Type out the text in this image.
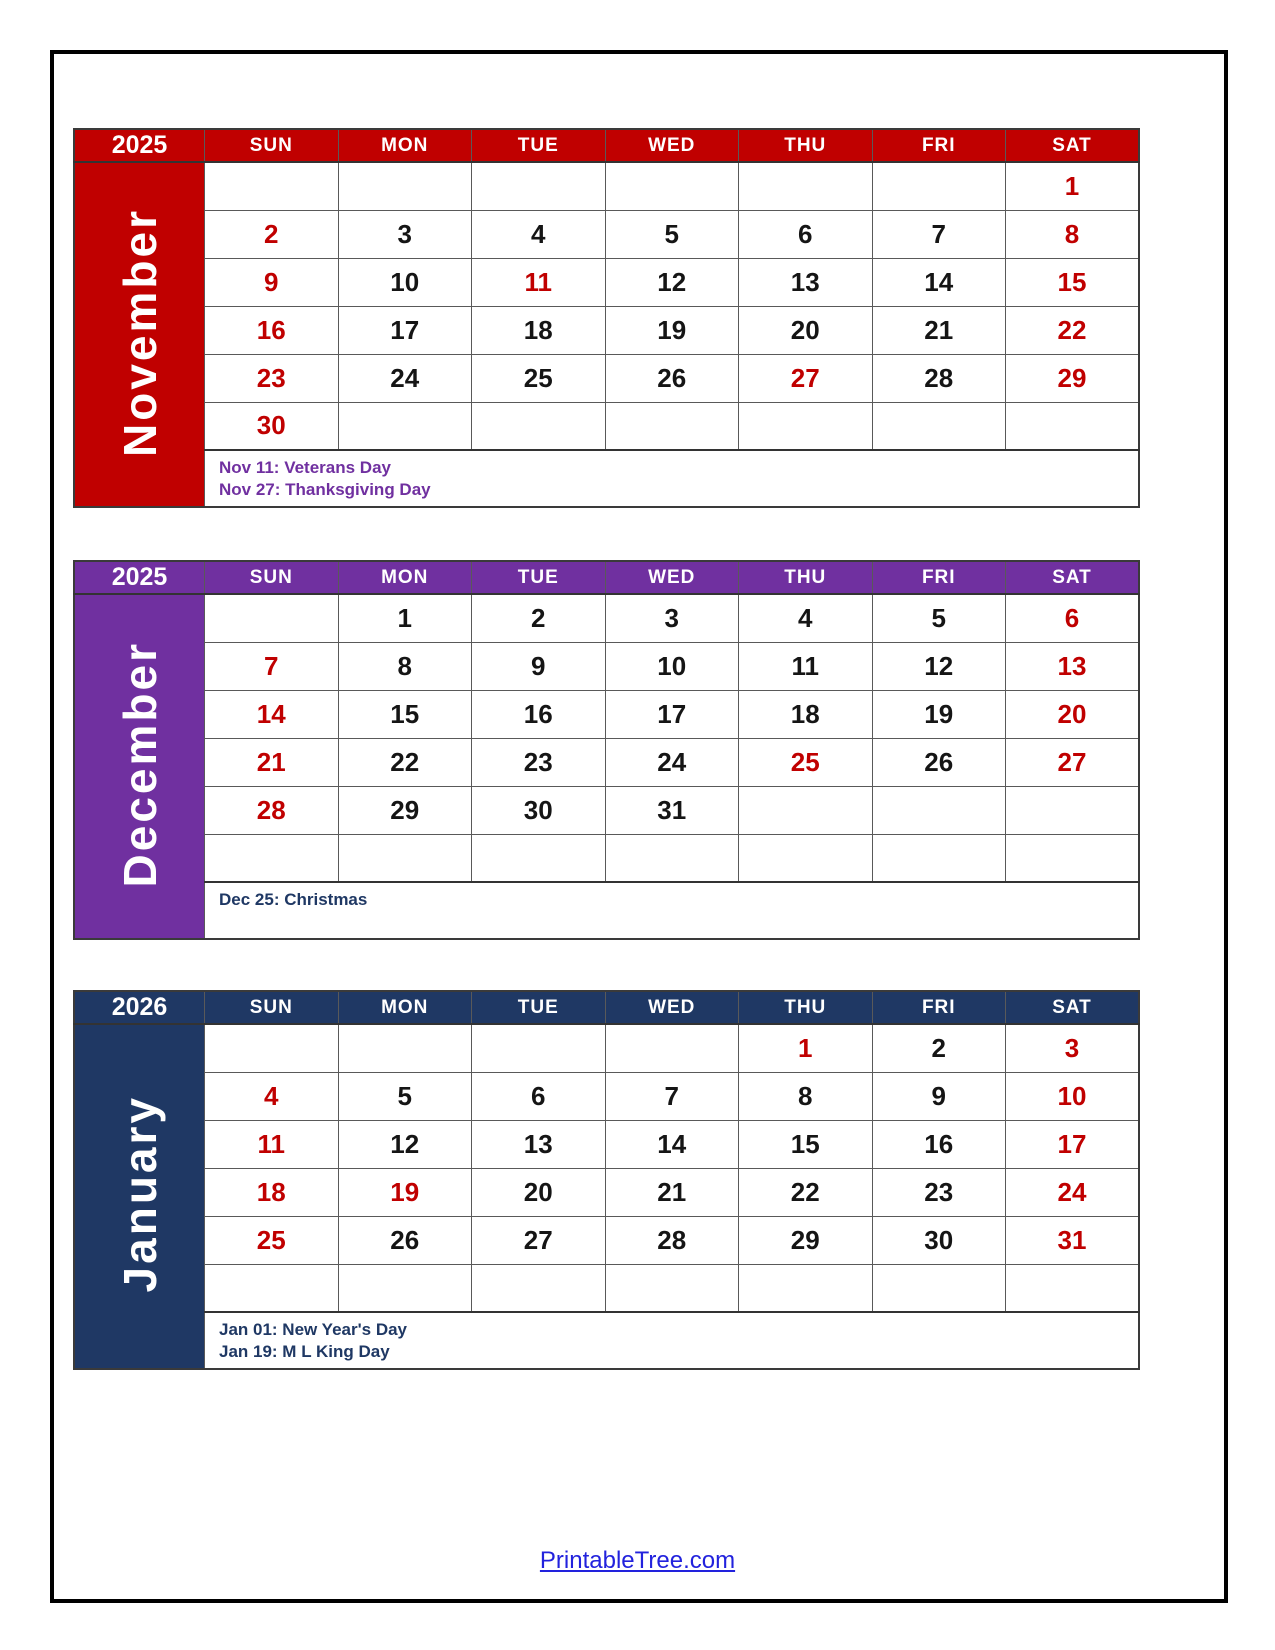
2025	SUN	MON	TUE	WED	THU	FRI	SAT
November							1
	2	3	4	5	6	7	8
	9	10	11	12	13	14	15
	16	17	18	19	20	21	22
	23	24	25	26	27	28	29
	30						

	Nov 11: Veterans Day
Nov 27: Thanksgiving Day						
2025	SUN	MON	TUE	WED	THU	FRI	SAT
December		1	2	3	4	5	6
	7	8	9	10	11	12	13
	14	15	16	17	18	19	20
	21	22	23	24	25	26	27
	28	29	30	31			

	Dec 25: Christmas						
2026	SUN	MON	TUE	WED	THU	FRI	SAT
January					1	2	3
	4	5	6	7	8	9	10
	11	12	13	14	15	16	17
	18	19	20	21	22	23	24
	25	26	27	28	29	30	31

	Jan 01: New Year's Day
Jan 19: M L King Day						
PrintableTree.com
